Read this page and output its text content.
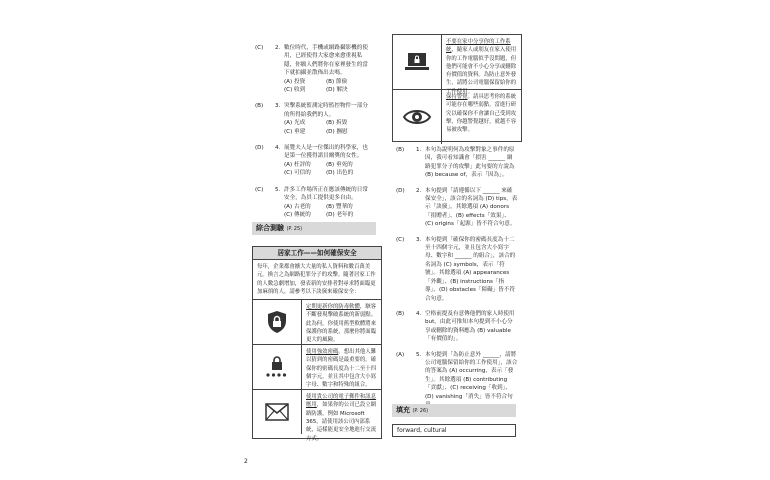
(C)	2. 數位時代，手機或網路攝影機的使用，已經使得大家愈來愈重視私隱，你願人們將你在家裡發生的當下就拍攝並散佈出去嗎。
(A) 投資	(B) 節儉
(C) 收到	(D) 解決
(B)	3. 突擊系統監測定時監控物件一部分的所得給我們的人。
(A) 光成	(B) 拆毀
(C) 垂建	(D) 撫慰
(D)	4. 展覽夫人是一位傑出的科學家，也是第一位獲得諾貝爾獎的女性。
(A) 枉評的	(B) 垂死的
(C) 可信的	(D) 出色的
(C)	5. 許多工作場所正在應該傳統的日常安全，為員工提供更多自由。
(A) 古老的	(B) 豐華的
(C) 傳統的	(D) 老年的
綜合測驗 (P. 25)
居家工作——如何確保安全
每年，企業都會擴大大量的私人資料和數百萬美元。換言之為網路犯罪分子的攻擊。隨著居家工作的人數急劇增加，發表新的安排者對尋求將面臨更加麻煩的人，請參考以下訣竅來確保安全：
定期更新你的防毒軟體，駭客不斷發現擊破系統的新弱點。此為何，你使用舊型軟體將來保護你的系統，那麼你將面臨更大的風險。
使用強效密碼。想出其他人難以猜到的密碼是最重要的。確保你的密碼長度為十二至十四個字元，並且其中包含大小寫字母、數字和特殊的組合。
使用貴公司的電子郵件和訊息應用，如果你的公司已設立網路防護，例如 Microsoft 365，請使用該公司內部系統，這樣能更安全地進行交流方式。
不要在家中分享你的工作系統，隨家人或朋友在家入使用你的工作電腦似乎沒問題，但他們可能會不小心分享或刪除有價值的資料。為防止意外發生，請將公司電腦保留給你的工作使用。
保持警覺。請具思考你的系統可能存在哪些弱點。當進行研究以確保你不會讓自己受到攻擊，你越警覺越好，就越不容易被攻擊。
(B)	1. 本句為說明何為攻擊對象之事件的原因，我可看知識會「損害 ______ 網路犯罪分子的攻擊」此句要的方說為 (B) because of，表示「因為」。
(D)	2. 本句提到「請遵循以下 ______ 來確保安全」，該合的名詞為 (D) tips，表示「訣竅」。其餘選項 (A) donors「捐贈者」、(B) effects「效果」、(C) origins「起源」皆不符合句意。
(C)	3. 本句提到「確保你的密碼長度為十二至十四個字元，並且包含大小寫字母、數字和 ______ 的組合」，該合的名詞為 (C) symbols，表示「符號」。其餘選項 (A) appearances「外觀」、(B) instructions「指導」、(D) obstacles「障礙」皆不符合句意。
(B)	4. 空格前提及有意傳他們的家人時使用 but，由此可推知本句提到不小心分享或刪除的資料應為 (B) valuable「有價值的」。
(A)	5. 本句提到「為防止意外 ______，請將公司電腦保留給你的工作使用」，該合的答案為 (A) occurring，表示「發生」。其餘選項 (B) contributing「貢獻」、(C) receiving「收到」、(D) vanishing「消失」皆不符合句
填充 (P. 26)
forward, cultural
2
